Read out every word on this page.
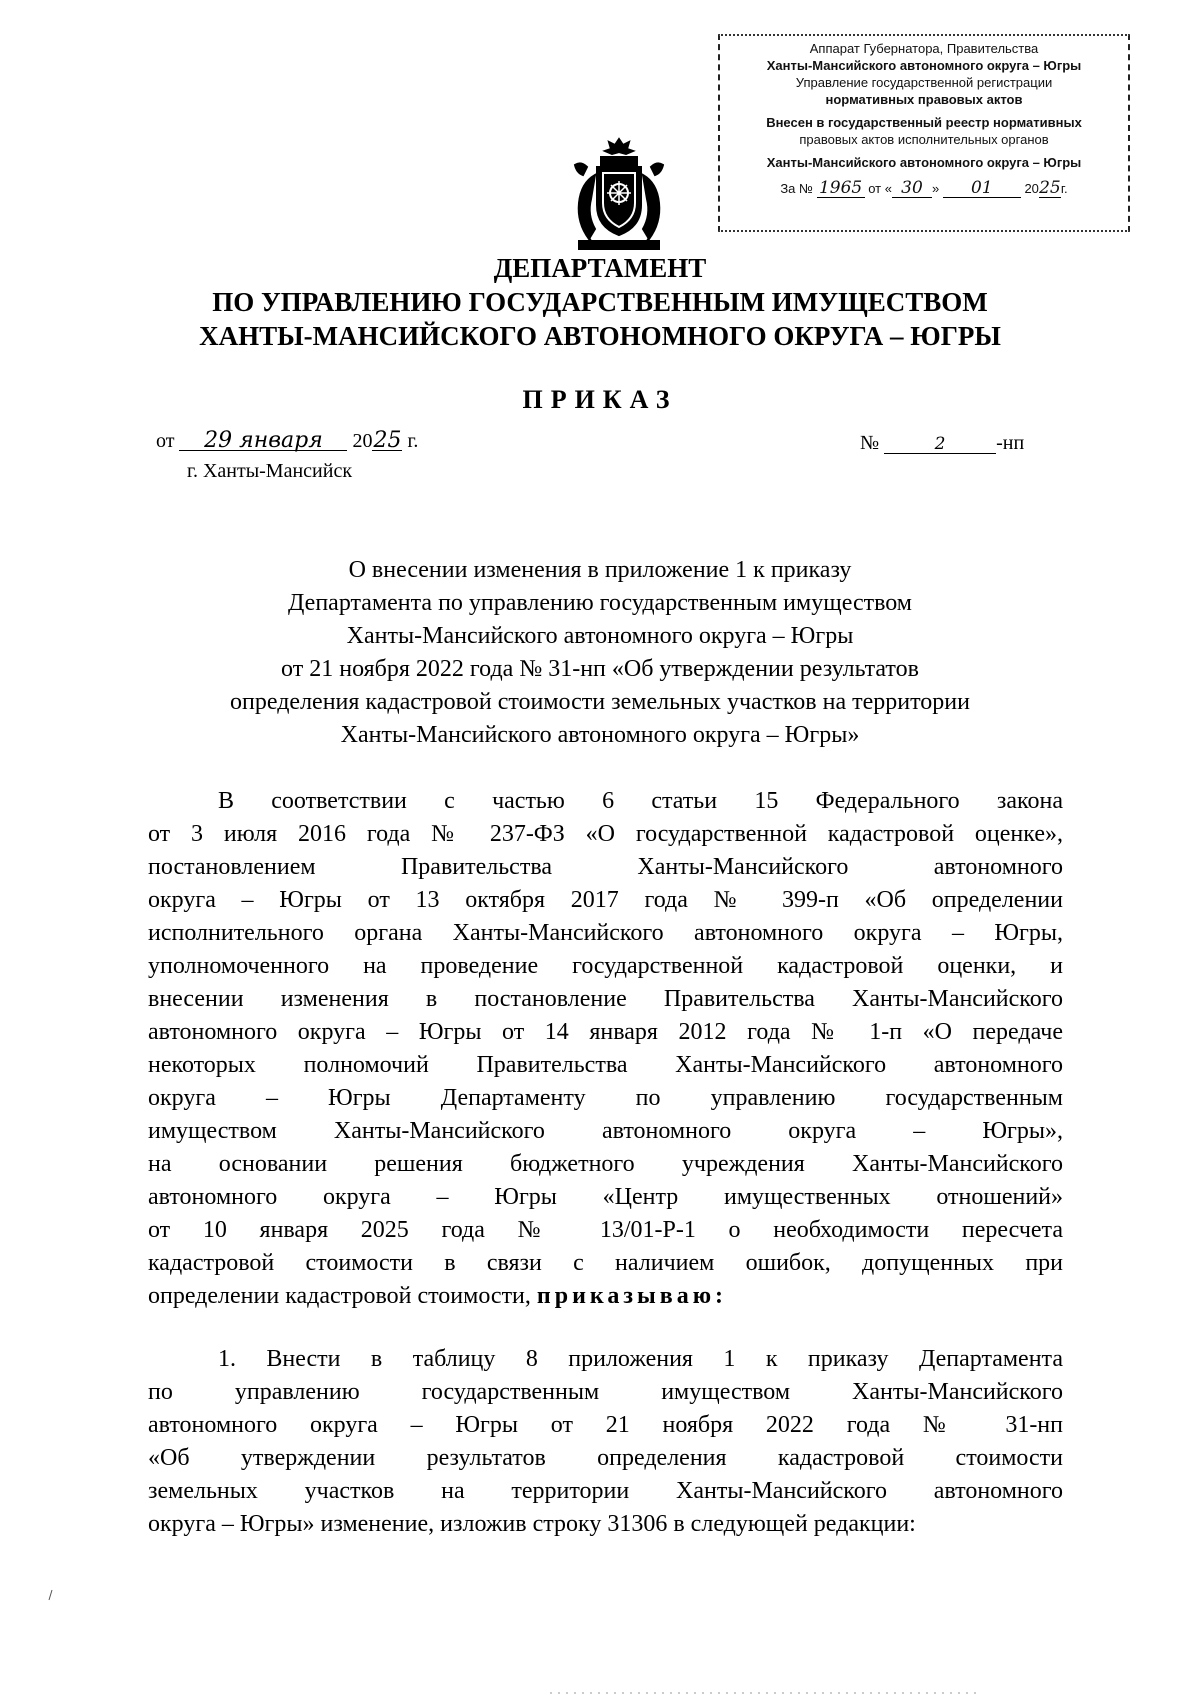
Аппарат Губернатора, Правительства
Ханты-Мансийского автономного округа – Югры
Управление государственной регистрации
нормативных правовых актов
Внесен в государственный реестр нормативных
правовых актов исполнительных органов
Ханты-Мансийского автономного округа – Югры
За № 1965 от « 30 » 01 2025г.
ДЕПАРТАМЕНТ
ПО УПРАВЛЕНИЮ ГОСУДАРСТВЕННЫМ ИМУЩЕСТВОМ
ХАНТЫ-МАНСИЙСКОГО АВТОНОМНОГО ОКРУГА – ЮГРЫ
ПРИКАЗ
от 29 января 2025 г.
г. Ханты-Мансийск
№	2	-нп
О внесении изменения в приложение 1 к приказу
Департамента по управлению государственным имуществом
Ханты-Мансийского автономного округа – Югры
от 21 ноября 2022 года № 31-нп «Об утверждении результатов
определения кадастровой стоимости земельных участков на территории
Ханты-Мансийского автономного округа – Югры»
В соответствии с частью 6 статьи 15 Федерального закона
от 3 июля 2016 года № 237-ФЗ «О государственной кадастровой оценке»,
постановлением Правительства Ханты-Мансийского автономного
округа – Югры от 13 октября 2017 года № 399-п «Об определении
исполнительного органа Ханты-Мансийского автономного округа – Югры,
уполномоченного на проведение государственной кадастровой оценки, и
внесении изменения в постановление Правительства Ханты-Мансийского
автономного округа – Югры от 14 января 2012 года № 1-п «О передаче
некоторых полномочий Правительства Ханты-Мансийского автономного
округа – Югры Департаменту по управлению государственным
имуществом Ханты-Мансийского автономного округа – Югры»,
на основании решения бюджетного учреждения Ханты-Мансийского
автономного округа – Югры «Центр имущественных отношений»
от 10 января 2025 года № 13/01-Р-1 о необходимости пересчета
кадастровой стоимости в связи с наличием ошибок, допущенных при
определении кадастровой стоимости, приказываю:
1. Внести в таблицу 8 приложения 1 к приказу Департамента
по управлению государственным имуществом Ханты-Мансийского
автономного округа – Югры от 21 ноября 2022 года № 31-нп
«Об утверждении результатов определения кадастровой стоимости
земельных участков на территории Ханты-Мансийского автономного
округа – Югры» изменение, изложив строку 31306 в следующей редакции:
